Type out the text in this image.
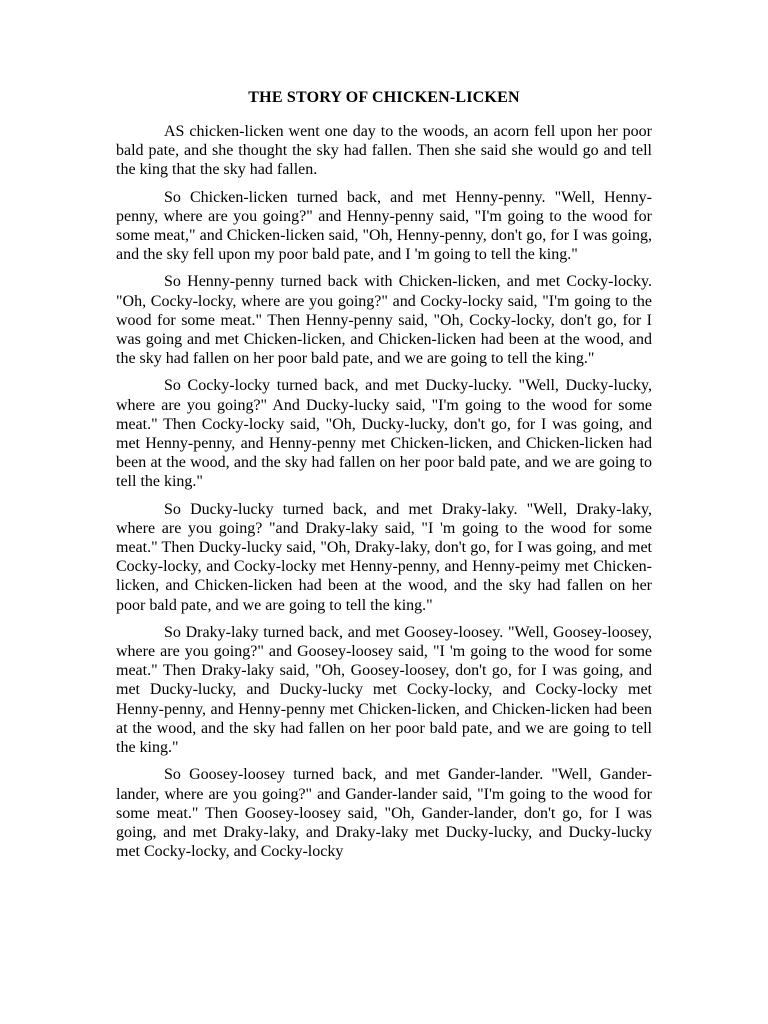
THE STORY OF CHICKEN-LICKEN

AS chicken-licken went one day to the woods, an acorn fell upon her poor bald pate, and she thought the sky had fallen. Then she said she would go and tell the king that the sky had fallen.

So Chicken-licken turned back, and met Henny-penny. "Well, Henny-penny, where are you going?" and Henny-penny said, "I'm going to the wood for some meat," and Chicken-licken said, "Oh, Henny-penny, don't go, for I was going, and the sky fell upon my poor bald pate, and I 'm going to tell the king."

So Henny-penny turned back with Chicken-licken, and met Cocky-locky. "Oh, Cocky-locky, where are you going?" and Cocky-locky said, "I'm going to the wood for some meat." Then Henny-penny said, "Oh, Cocky-locky, don't go, for I was going and met Chicken-licken, and Chicken-licken had been at the wood, and the sky had fallen on her poor bald pate, and we are going to tell the king."

So Cocky-locky turned back, and met Ducky-lucky. "Well, Ducky-lucky, where are you going?" And Ducky-lucky said, "I'm going to the wood for some meat." Then Cocky-locky said, "Oh, Ducky-lucky, don't go, for I was going, and met Henny-penny, and Henny-penny met Chicken-licken, and Chicken-licken had been at the wood, and the sky had fallen on her poor bald pate, and we are going to tell the king."

So Ducky-lucky turned back, and met Draky-laky. "Well, Draky-laky, where are you going? "and Draky-laky said, "I 'm going to the wood for some meat." Then Ducky-lucky said, "Oh, Draky-laky, don't go, for I was going, and met Cocky-locky, and Cocky-locky met Henny-penny, and Henny-peimy met Chicken-licken, and Chicken-licken had been at the wood, and the sky had fallen on her poor bald pate, and we are going to tell the king."

So Draky-laky turned back, and met Goosey-loosey. "Well, Goosey-loosey, where are you going?" and Goosey-loosey said, "I 'm going to the wood for some meat." Then Draky-laky said, "Oh, Goosey-loosey, don't go, for I was going, and met Ducky-lucky, and Ducky-lucky met Cocky-locky, and Cocky-locky met Henny-penny, and Henny-penny met Chicken-licken, and Chicken-licken had been at the wood, and the sky had fallen on her poor bald pate, and we are going to tell the king."

So Goosey-loosey turned back, and met Gander-lander. "Well, Gander-lander, where are you going?" and Gander-lander said, "I'm going to the wood for some meat." Then Goosey-loosey said, "Oh, Gander-lander, don't go, for I was going, and met Draky-laky, and Draky-laky met Ducky-lucky, and Ducky-lucky met Cocky-locky, and Cocky-locky
